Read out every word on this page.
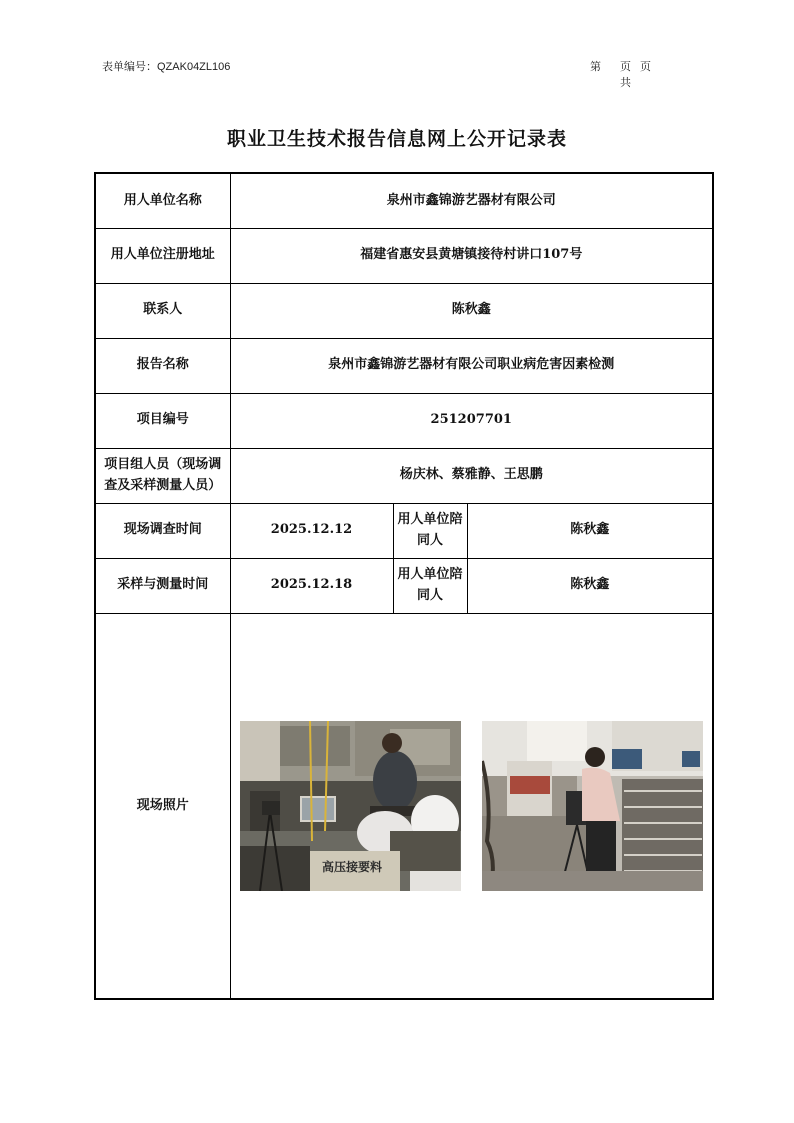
表单编号：QZAK04ZL106	第	页 共
页
职业卫生技术报告信息网上公开记录表
用人单位名称	泉州市鑫锦游艺器材有限公司		
用人单位注册地址	福建省惠安县黄塘镇接待村讲口107号		
联系人	陈秋鑫		
报告名称	泉州市鑫锦游艺器材有限公司职业病危害因素检测		
项目编号	251207701		
项目组人员（现场调查及采样测量人员）	杨庆林、蔡雅静、王思鹏		
现场调查时间	2025.12.12	用人单位陪同人	陈秋鑫
采样与测量时间	2025.12.18	用人单位陪同人	陈秋鑫
现场照片	高压接要料		
